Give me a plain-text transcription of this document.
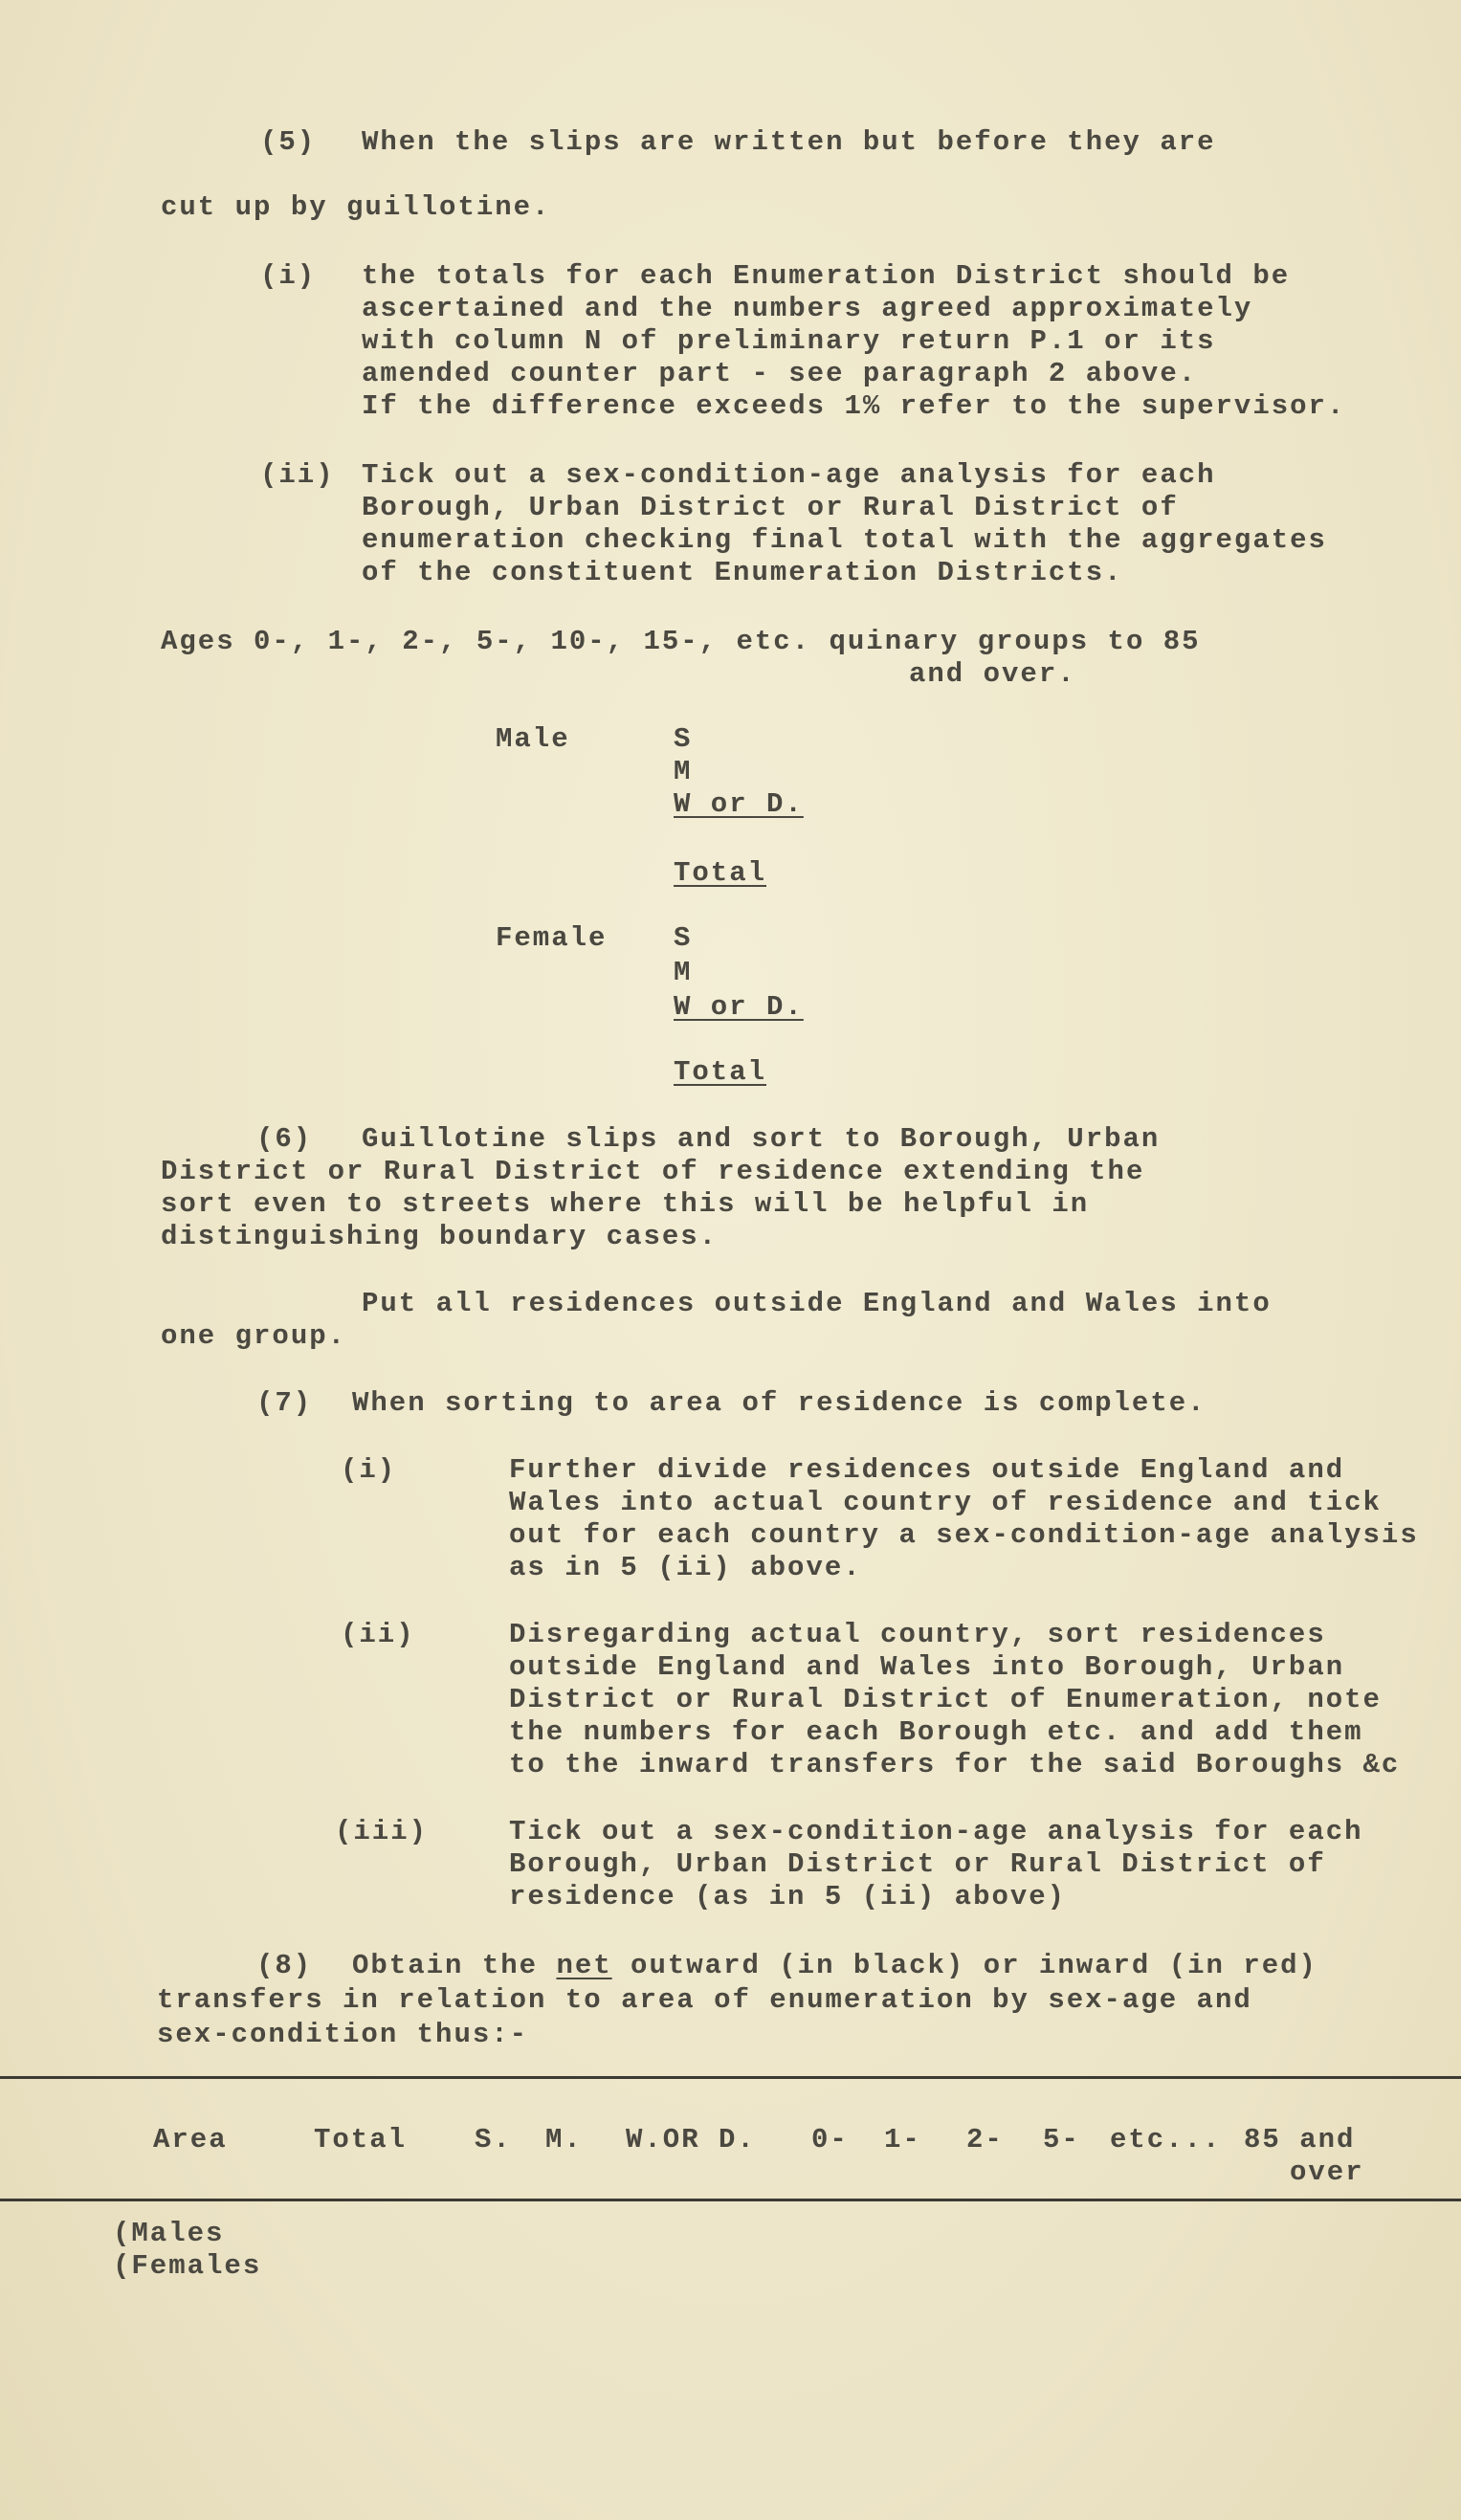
(5) When the slips are written but before they are
cut up by guillotine.
(i) the totals for each Enumeration District should be
ascertained and the numbers agreed approximately
with column N of preliminary return P.1 or its
amended counter part - see paragraph 2 above.
If the difference exceeds 1% refer to the supervisor.
(ii) Tick out a sex-condition-age analysis for each
Borough, Urban District or Rural District of
enumeration checking final total with the aggregates
of the constituent Enumeration Districts.
Ages 0-, 1-, 2-, 5-, 10-, 15-, etc. quinary groups to 85
and over.
Male	S
M
W or D.
Total
Female S
M
W or D.
Total
(6) Guillotine slips and sort to Borough, Urban
District or Rural District of residence extending the
sort even to streets where this will be helpful in
distinguishing boundary cases.
Put all residences outside England and Wales into
one group.
(7) When sorting to area of residence is complete.
(i)	Further divide residences outside England and
Wales into actual country of residence and tick
out for each country a sex-condition-age analysis
as in 5 (ii) above.
(ii)	Disregarding actual country, sort residences
outside England and Wales into Borough, Urban
District or Rural District of Enumeration, note
the numbers for each Borough etc. and add them
to the inward transfers for the said Boroughs &c
(iii)	Tick out a sex-condition-age analysis for each
Borough, Urban District or Rural District of
residence (as in 5 (ii) above)
(8) Obtain the net outward (in black) or inward (in red)
transfers in relation to area of enumeration by sex-age and
sex-condition thus:-
Area	Total S. M. W.OR D. 0- 1- 2- 5- etc... 85 and
over
(Males
(Females
